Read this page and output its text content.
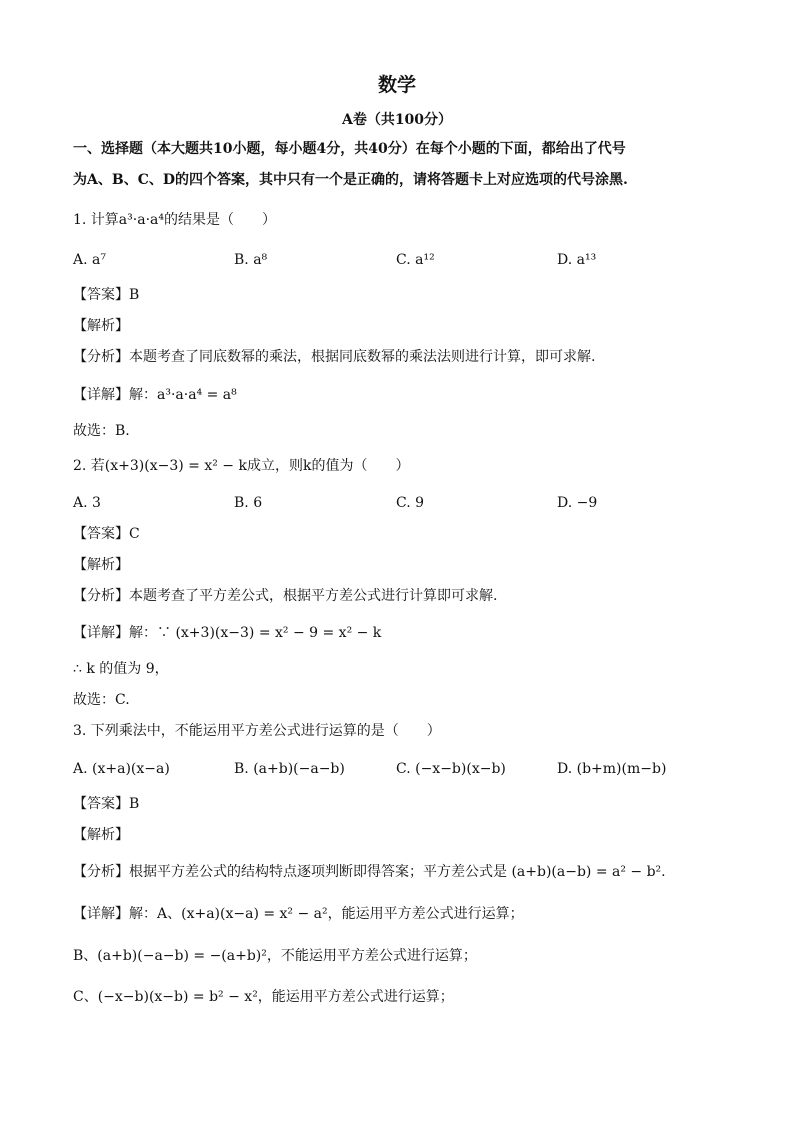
数学
A卷（共100分）
一、选择题（本大题共10小题，每小题4分，共40分）在每个小题的下面，都给出了代号
为A、B、C、D的四个答案，其中只有一个是正确的，请将答题卡上对应选项的代号涂黑.
1. 计算a³·a·a⁴的结果是（　　）
A. a⁷	B. a⁸	C. a¹²	D. a¹³
【答案】B
【解析】
【分析】本题考查了同底数幂的乘法，根据同底数幂的乘法法则进行计算，即可求解.
【详解】解：a³·a·a⁴ = a⁸
故选：B.
2. 若(x+3)(x−3) = x² − k成立，则k的值为（　　）
A. 3	B. 6	C. 9	D. −9
【答案】C
【解析】
【分析】本题考查了平方差公式，根据平方差公式进行计算即可求解.
【详解】解：∵ (x+3)(x−3) = x² − 9 = x² − k
∴ k 的值为 9，
故选：C.
3. 下列乘法中，不能运用平方差公式进行运算的是（　　）
A. (x+a)(x−a)	B. (a+b)(−a−b)	C. (−x−b)(x−b)	D. (b+m)(m−b)
【答案】B
【解析】
【分析】根据平方差公式的结构特点逐项判断即得答案；平方差公式是 (a+b)(a−b) = a² − b².
【详解】解：A、(x+a)(x−a) = x² − a²，能运用平方差公式进行运算；
B、(a+b)(−a−b) = −(a+b)²，不能运用平方差公式进行运算；
C、(−x−b)(x−b) = b² − x²，能运用平方差公式进行运算；
